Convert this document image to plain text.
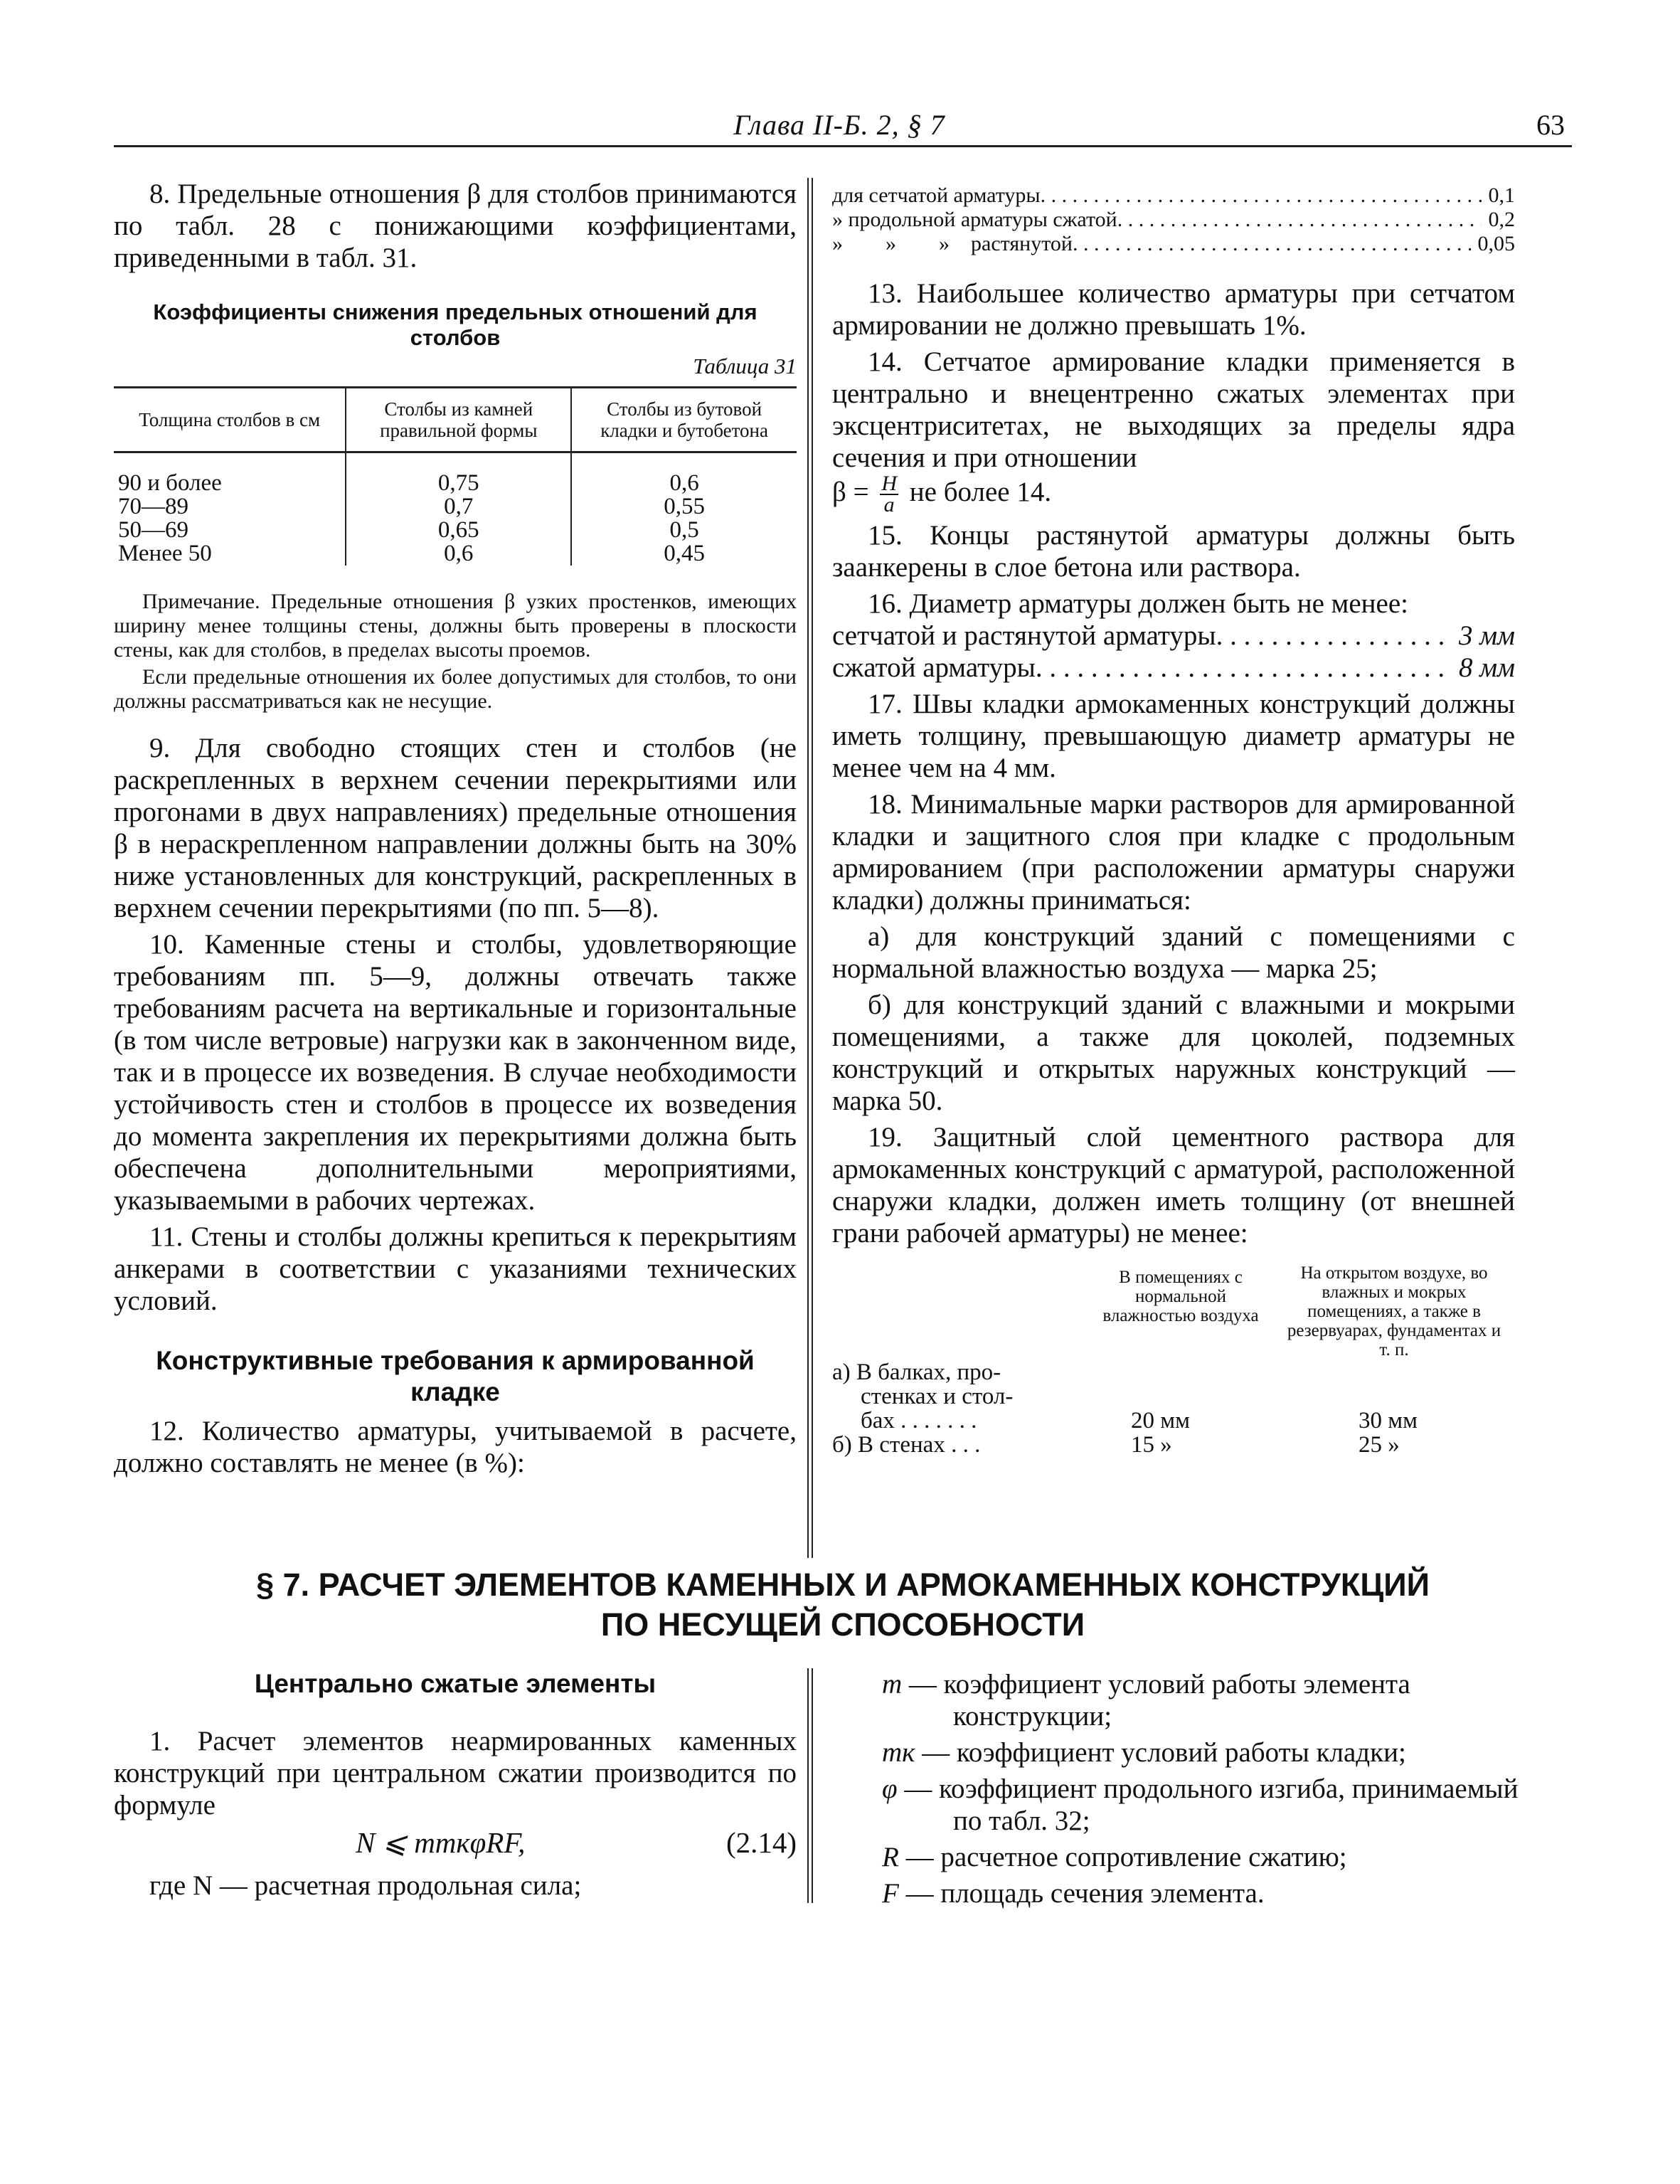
Глава II-Б. 2, § 7	63

8. Предельные отношения β для столбов принимаются по табл. 28 с понижающими коэффициентами, приведенными в табл. 31.

Коэффициенты снижения предельных отношений для столбов
Таблица 31
Толщина столбов в см	Столбы из камней правильной формы	Столбы из бутовой кладки и бутобетона
90 и более	0,75	0,6
70—89	0,7	0,55
50—69	0,65	0,5
Менее 50	0,6	0,45

Примечание. Предельные отношения β узких простенков, имеющих ширину менее толщины стены, должны быть проверены в плоскости стены, как для столбов, в пределах высоты проемов.

Если предельные отношения их более допустимых для столбов, то они должны рассматриваться как не несущие.

9. Для свободно стоящих стен и столбов (не раскрепленных в верхнем сечении перекрытиями или прогонами в двух направлениях) предельные отношения β в нераскрепленном направлении должны быть на 30% ниже установленных для конструкций, раскрепленных в верхнем сечении перекрытиями (по пп. 5—8).

10. Каменные стены и столбы, удовлетворяющие требованиям пп. 5—9, должны отвечать также требованиям расчета на вертикальные и горизонтальные (в том числе ветровые) нагрузки как в законченном виде, так и в процессе их возведения. В случае необходимости устойчивость стен и столбов в процессе их возведения до момента закрепления их перекрытиями должна быть обеспечена дополнительными мероприятиями, указываемыми в рабочих чертежах.

11. Стены и столбы должны крепиться к перекрытиям анкерами в соответствии с указаниями технических условий.

Конструктивные требования к армированной кладке

12. Количество арматуры, учитываемой в расчете, должно составлять не менее (в %):

для сетчатой арматуры . . .	0,1
» продольной арматуры сжатой . . .	0,2
»        »        »    растянутой . . .	0,05

13. Наибольшее количество арматуры при сетчатом армировании не должно превышать 1%.

14. Сетчатое армирование кладки применяется в центрально и внецентренно сжатых элементах при эксцентриситетах, не выходящих за пределы ядра сечения и при отношении

$\beta = \frac{H}{a}$ не более 14.

15. Концы растянутой арматуры должны быть заанкерены в слое бетона или раствора.

16. Диаметр арматуры должен быть не менее:

сетчатой и растянутой арматуры . . .	3 мм
сжатой арматуры . . .	8 мм

17. Швы кладки армокаменных конструкций должны иметь толщину, превышающую диаметр арматуры не менее чем на 4 мм.

18. Минимальные марки растворов для армированной кладки и защитного слоя при кладке с продольным армированием (при расположении арматуры снаружи кладки) должны приниматься:

а) для конструкций зданий с помещениями с нормальной влажностью воздуха — марка 25;

б) для конструкций зданий с влажными и мокрыми помещениями, а также для цоколей, подземных конструкций и открытых наружных конструкций — марка 50.

19. Защитный слой цементного раствора для армокаменных конструкций с арматурой, расположенной снаружи кладки, должен иметь толщину (от внешней грани рабочей арматуры) не менее:

В помещениях с нормальной влажностью воздуха
На открытом воздухе, во влажных и мокрых помещениях, а также в резервуарах, фундаментах и т. п.
а) В балках, про-
стенках и стол-
бах . . . . . . .	20 мм	30 мм
б) В стенах . . .	15 »	25 »
§ 7. РАСЧЕТ ЭЛЕМЕНТОВ КАМЕННЫХ И АРМОКАМЕННЫХ КОНСТРУКЦИЙ
ПО НЕСУЩЕЙ СПОСОБНОСТИ
Центрально сжатые элементы

1. Расчет элементов неармированных каменных конструкций при центральном сжатии производится по формуле

N ⩽ mmкφRF,	(2.14)

где N — расчетная продольная сила;

m — коэффициент условий работы элемента конструкции;

mк — коэффициент условий работы кладки;

φ — коэффициент продольного изгиба, принимаемый по табл. 32;

R — расчетное сопротивление сжатию;

F — площадь сечения элемента.
